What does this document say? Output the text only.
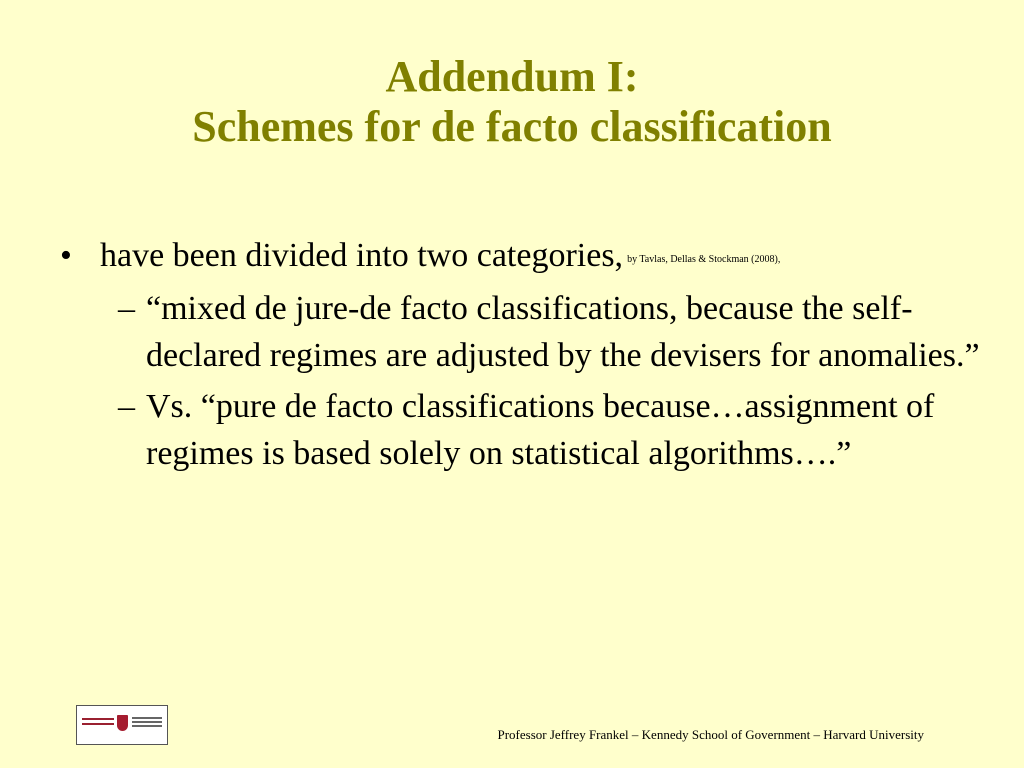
Addendum I:
Schemes for de facto classification
• have been divided into two categories, by Tavlas, Dellas & Stockman (2008),
– “mixed de jure-de facto classifications, because the self-declared regimes are adjusted by the devisers for anomalies.”
– Vs. “pure de facto classifications because…assignment of regimes is based solely on statistical algorithms….”
Professor Jeffrey Frankel – Kennedy School of Government – Harvard University
